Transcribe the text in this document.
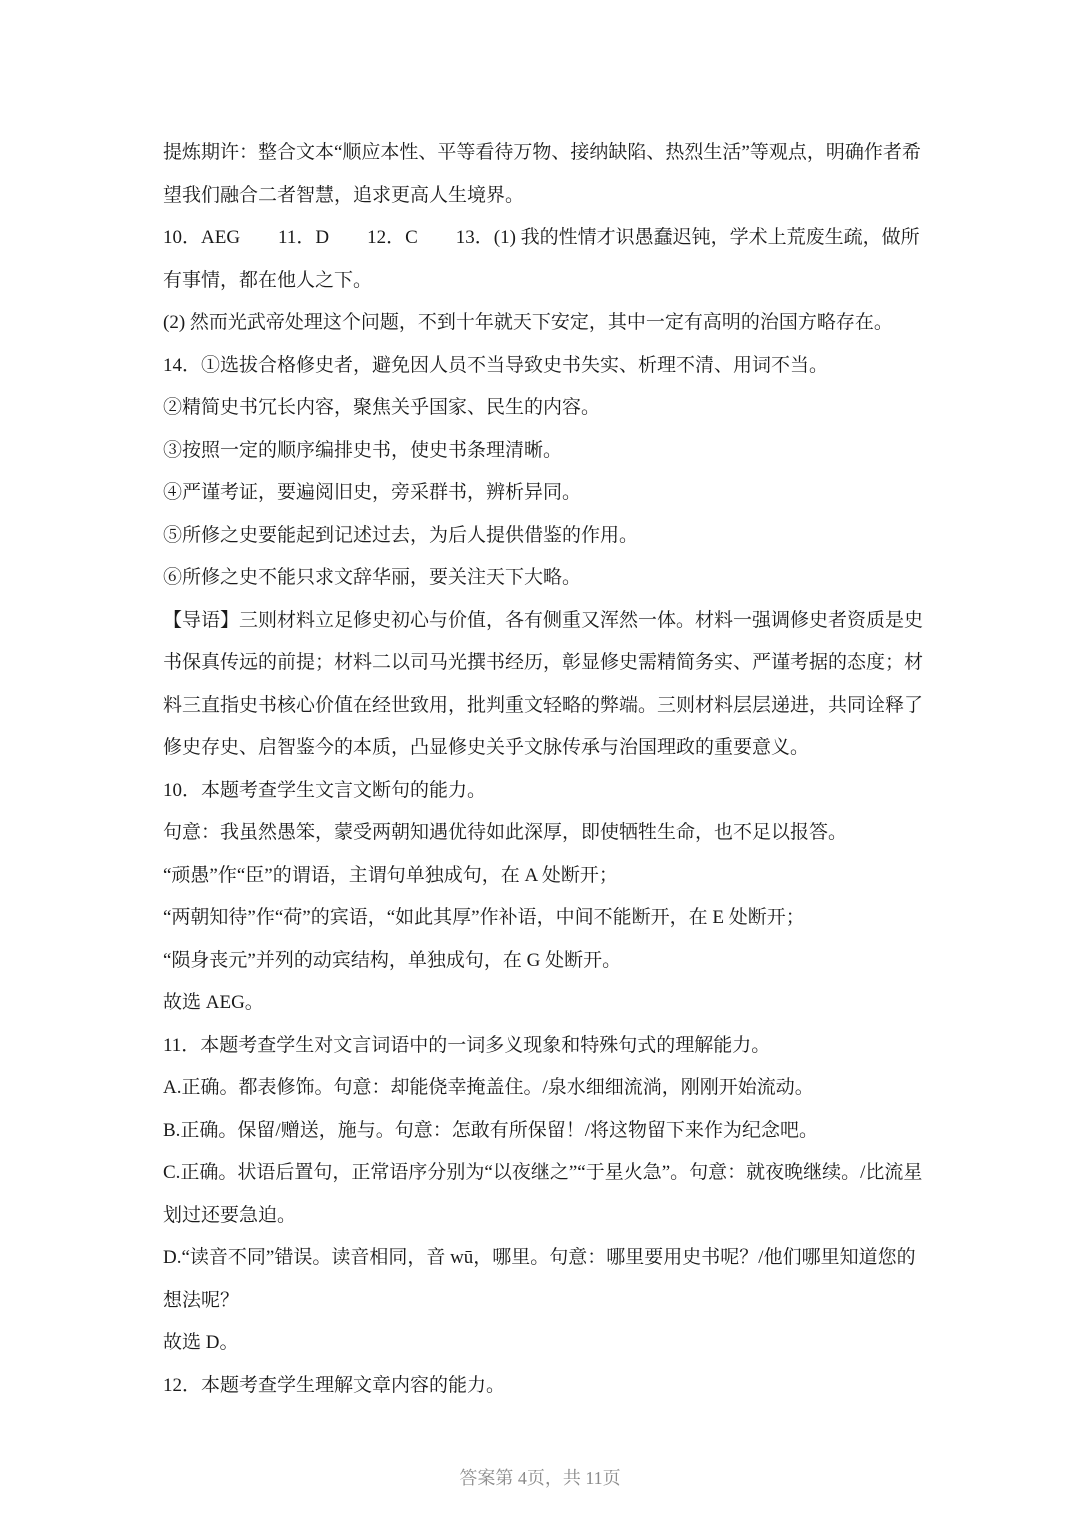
提炼期许：整合文本“顺应本性、平等看待万物、接纳缺陷、热烈生活”等观点，明确作者希
望我们融合二者智慧，追求更高人生境界。
10．AEG　　11．D　　12．C　　13．(1) 我的性情才识愚蠢迟钝，学术上荒废生疏，做所
有事情，都在他人之下。
(2) 然而光武帝处理这个问题，不到十年就天下安定，其中一定有高明的治国方略存在。
14．①选拔合格修史者，避免因人员不当导致史书失实、析理不清、用词不当。
②精简史书冗长内容，聚焦关乎国家、民生的内容。
③按照一定的顺序编排史书，使史书条理清晰。
④严谨考证，要遍阅旧史，旁采群书，辨析异同。
⑤所修之史要能起到记述过去，为后人提供借鉴的作用。
⑥所修之史不能只求文辞华丽，要关注天下大略。
【导语】三则材料立足修史初心与价值，各有侧重又浑然一体。材料一强调修史者资质是史
书保真传远的前提；材料二以司马光撰书经历，彰显修史需精简务实、严谨考据的态度；材
料三直指史书核心价值在经世致用，批判重文轻略的弊端。三则材料层层递进，共同诠释了
修史存史、启智鉴今的本质，凸显修史关乎文脉传承与治国理政的重要意义。
10．本题考查学生文言文断句的能力。
句意：我虽然愚笨，蒙受两朝知遇优待如此深厚，即使牺牲生命，也不足以报答。
“顽愚”作“臣”的谓语，主谓句单独成句，在 A 处断开；
“两朝知待”作“荷”的宾语，“如此其厚”作补语，中间不能断开，在 E 处断开；
“陨身丧元”并列的动宾结构，单独成句，在 G 处断开。
故选 AEG。
11．本题考查学生对文言词语中的一词多义现象和特殊句式的理解能力。
A.正确。都表修饰。句意：却能侥幸掩盖住。/泉水细细流淌，刚刚开始流动。
B.正确。保留/赠送，施与。句意：怎敢有所保留！/将这物留下来作为纪念吧。
C.正确。状语后置句，正常语序分别为“以夜继之”“于星火急”。句意：就夜晚继续。/比流星
划过还要急迫。
D.“读音不同”错误。读音相同，音 wū，哪里。句意：哪里要用史书呢？/他们哪里知道您的
想法呢？
故选 D。
12．本题考查学生理解文章内容的能力。
答案第 4页，共 11页
